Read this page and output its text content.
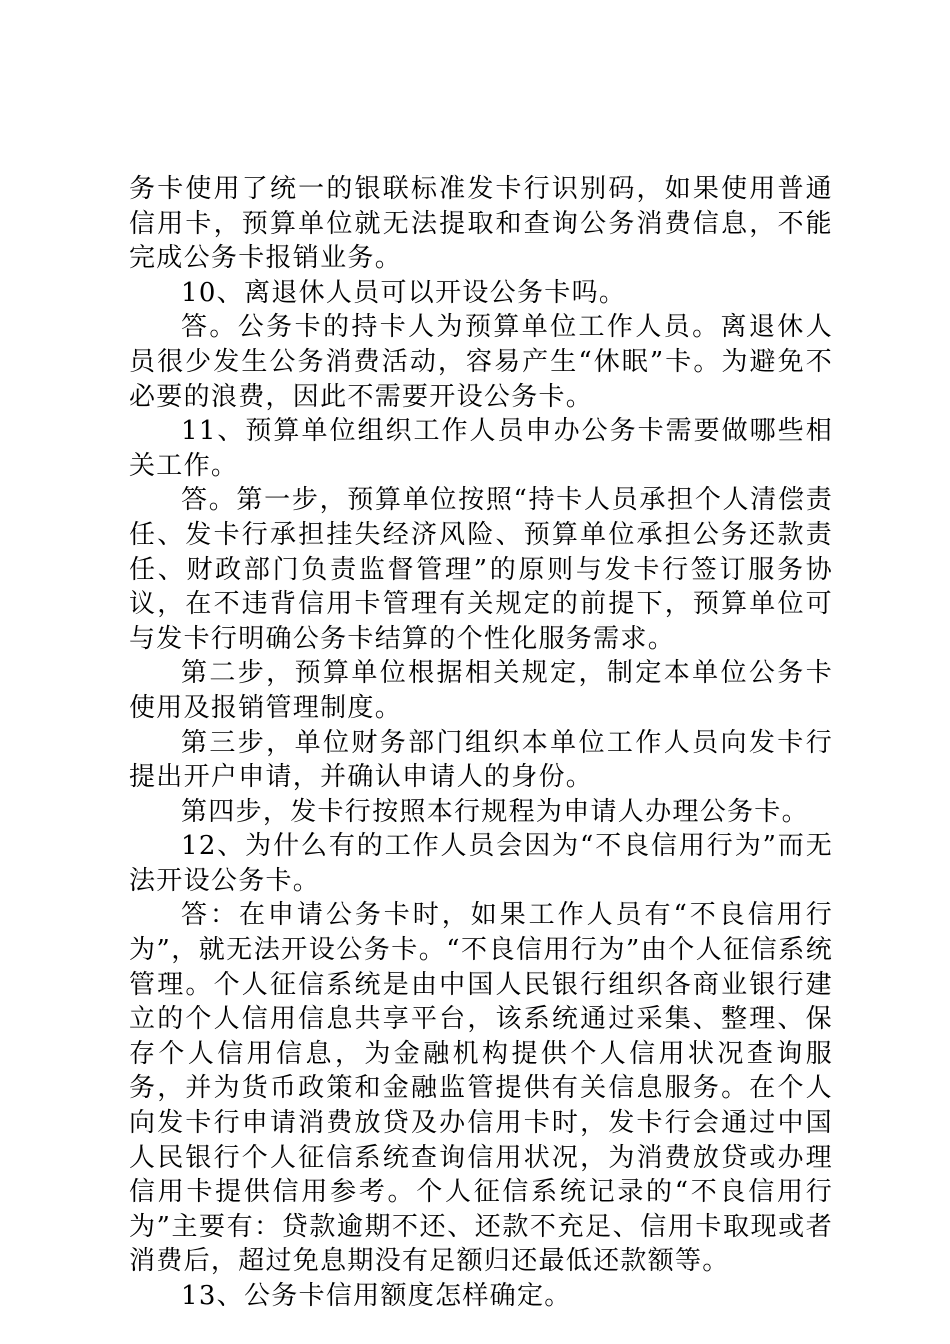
务卡使用了统一的银联标准发卡行识别码，如果使用普通信用卡，预算单位就无法提取和查询公务消费信息，不能完成公务卡报销业务。

10、离退休人员可以开设公务卡吗。

答。公务卡的持卡人为预算单位工作人员。离退休人员很少发生公务消费活动，容易产生“休眠”卡。为避免不必要的浪费，因此不需要开设公务卡。

11、预算单位组织工作人员申办公务卡需要做哪些相关工作。

答。第一步，预算单位按照“持卡人员承担个人清偿责任、发卡行承担挂失经济风险、预算单位承担公务还款责任、财政部门负责监督管理”的原则与发卡行签订服务协议，在不违背信用卡管理有关规定的前提下，预算单位可与发卡行明确公务卡结算的个性化服务需求。

第二步，预算单位根据相关规定，制定本单位公务卡使用及报销管理制度。

第三步，单位财务部门组织本单位工作人员向发卡行提出开户申请，并确认申请人的身份。

第四步，发卡行按照本行规程为申请人办理公务卡。

12、为什么有的工作人员会因为“不良信用行为”而无法开设公务卡。

答：在申请公务卡时，如果工作人员有“不良信用行为”，就无法开设公务卡。“不良信用行为”由个人征信系统管理。个人征信系统是由中国人民银行组织各商业银行建立的个人信用信息共享平台，该系统通过采集、整理、保存个人信用信息，为金融机构提供个人信用状况查询服务，并为货币政策和金融监管提供有关信息服务。在个人向发卡行申请消费放贷及办信用卡时，发卡行会通过中国人民银行个人征信系统查询信用状况，为消费放贷或办理信用卡提供信用参考。个人征信系统记录的“不良信用行为”主要有：贷款逾期不还、还款不充足、信用卡取现或者消费后，超过免息期没有足额归还最低还款额等。

13、公务卡信用额度怎样确定。
